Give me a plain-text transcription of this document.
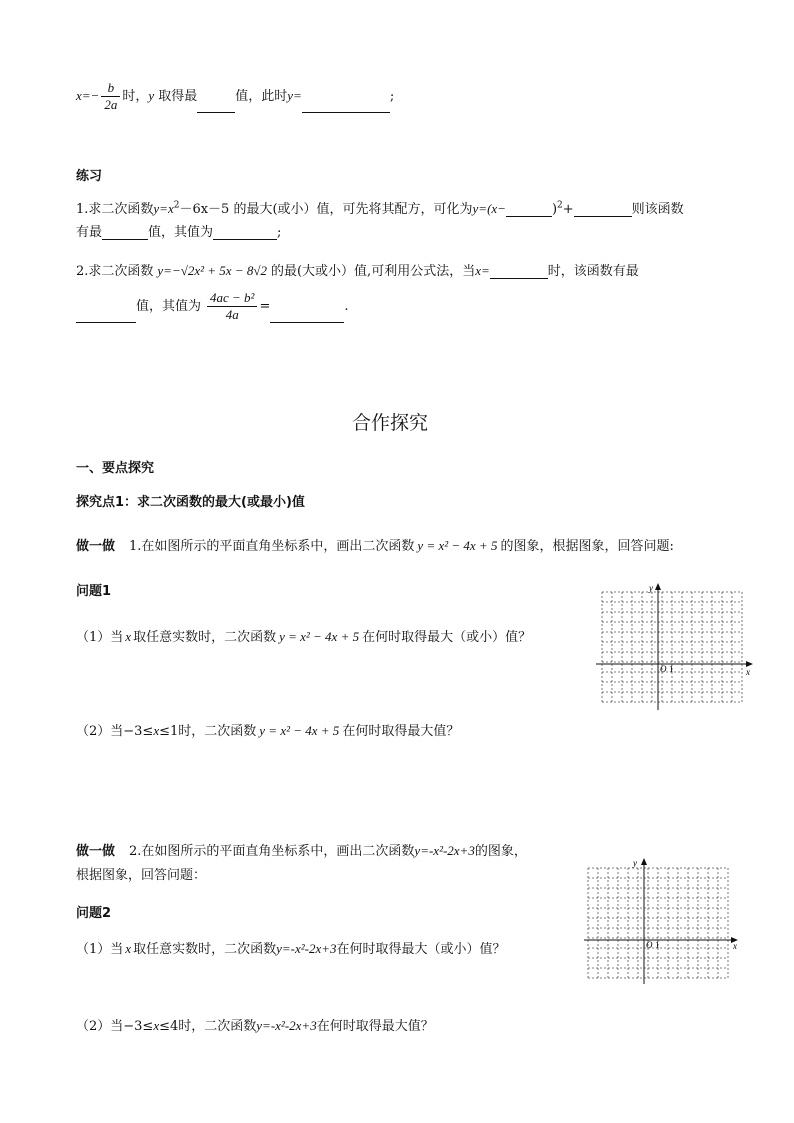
$x=- \frac{b}{2a}$ 时，y 取得最	值，此时y=	;
练习
1.求二次函数$y=x^2-6x-5$ 的最大(或小）值，可先将其配方，可化为y=(x−	)$^2$+	则该函数
有最	值，其值为	;
2.求二次函数 y=−√2x² + 5x − 8√2 的最(大或小）值,可利用公式法，当x=	时，该函数有最
值，其值为 $\frac{\text{4ac − b²}}{4a}$ =	.
合作探究
一、要点探究
探究点1：求二次函数的最大(或最小)值
做一做 1.在如图所示的平面直角坐标系中，画出二次函数 y = x² − 4x + 5 的图象，根据图象，回答问题:
问题1
（1）当 x 取任意实数时，二次函数 y = x² − 4x + 5 在何时取得最大（或小）值？
（2）当−3≤x≤1时，二次函数 y = x² − 4x + 5 在何时取得最大值？
y
x
O 1
做一做 2.在如图所示的平面直角坐标系中，画出二次函数y=-x²-2x+3的图象，
根据图象，回答问题：
问题2
（1）当 x 取任意实数时，二次函数y=-x²-2x+3在何时取得最大（或小）值？
（2）当−3≤x≤4时，二次函数y=-x²-2x+3在何时取得最大值？
y
x
O 1
